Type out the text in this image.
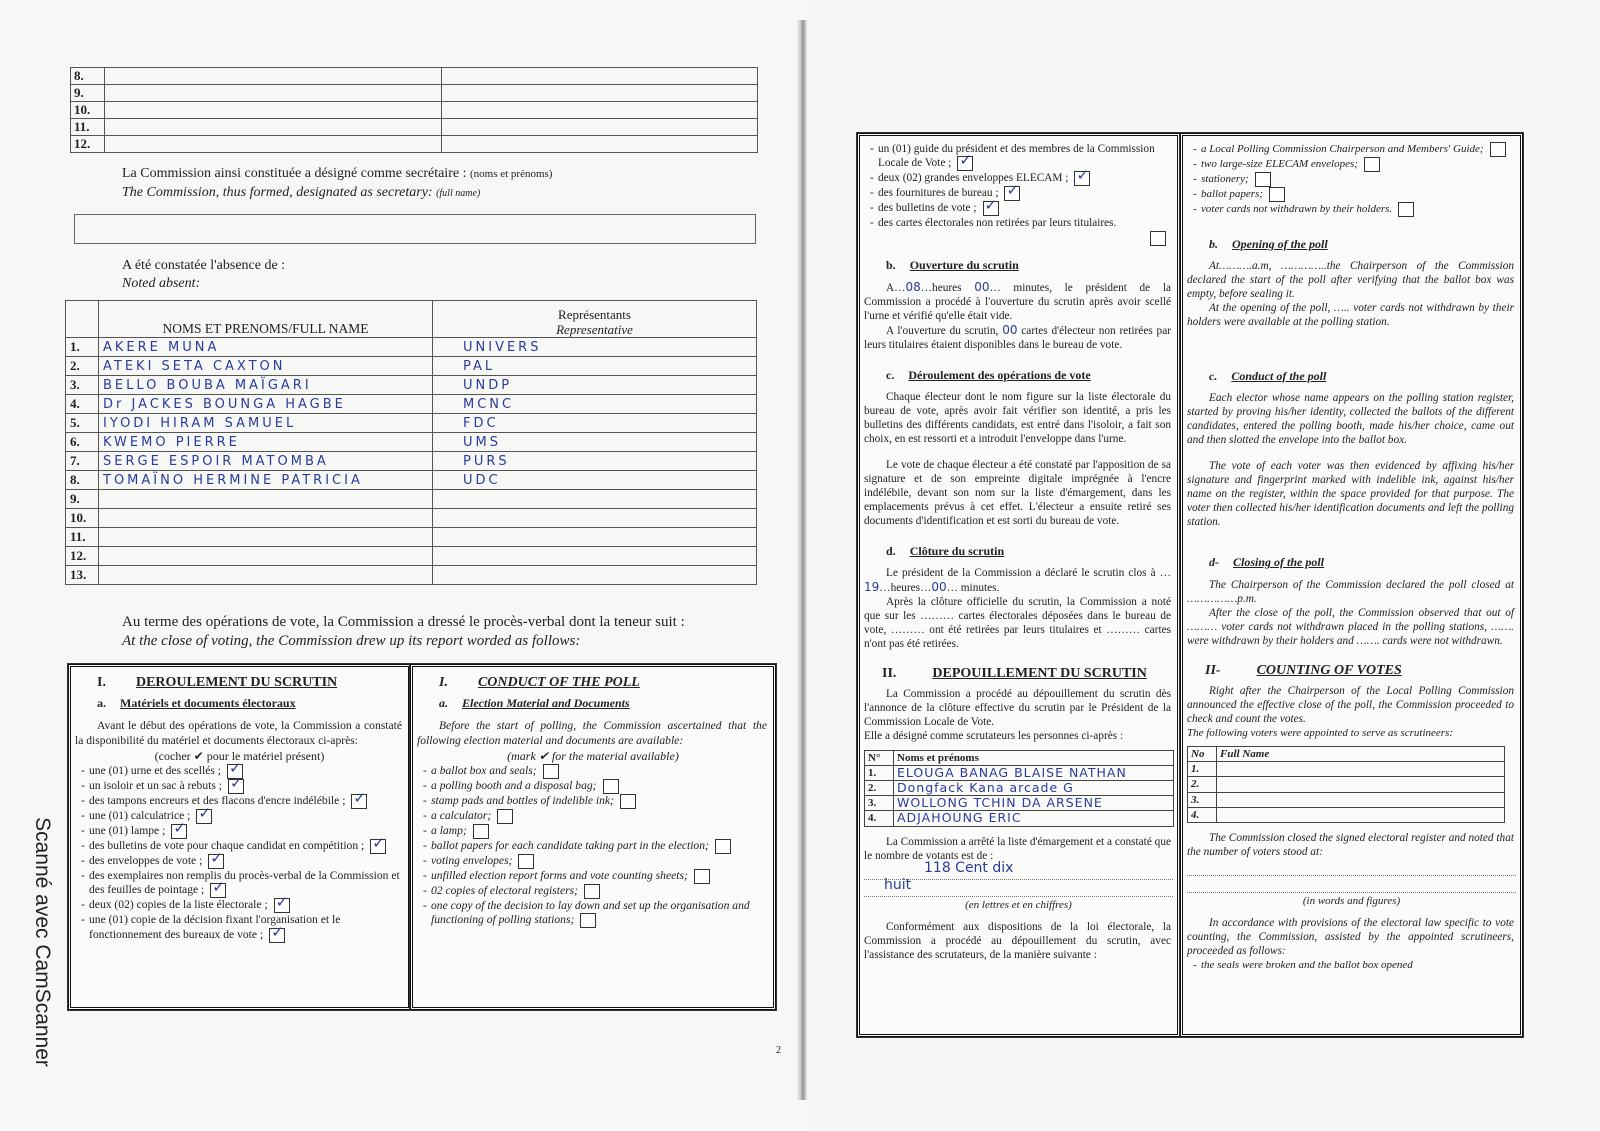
Scanné avec CamScanner
8.		
9.		
10.		
11.		
12.		
La Commission ainsi constituée a désigné comme secrétaire : (noms et prénoms)
The Commission, thus formed, designated as secretary: (full name)
A été constatée l'absence de :
Noted absent:
	NOMS ET PRENOMS/FULL NAME	Représentants
Representative

1.	AKERE MUNA	UNIVERS
2.	ATEKI SETA CAXTON	PAL
3.	BELLO BOUBA MAÏGARI	UNDP
4.	Dr JACKES BOUNGA HAGBE	MCNC
5.	IYODI HIRAM SAMUEL	FDC
6.	KWEMO PIERRE	UMS
7.	SERGE ESPOIR MATOMBA	PURS
8.	TOMAÏNO HERMINE PATRICIA	UDC
9.		
10.		
11.		
12.		
13.		
Au terme des opérations de vote, la Commission a dressé le procès-verbal dont la teneur suit :
At the close of voting, the Commission drew up its report worded as follows:
I. DEROULEMENT DU SCRUTIN
a. Matériels et documents électoraux
Avant le début des opérations de vote, la Commission a constaté la disponibilité du matériel et documents électoraux ci-après:
(cocher ✔ pour le matériel présent)
- une (01) urne et des scellés ;✓
- un isoloir et un sac à rebuts ;✓
- des tampons encreurs et des flacons d'encre indélébile ;✓
- une (01) calculatrice ;✓
- une (01) lampe ;✓
- des bulletins de vote pour chaque candidat en compétition ;✓
- des enveloppes de vote ;✓
- des exemplaires non remplis du procès-verbal de la Commission et des feuilles de pointage ;✓
- deux (02) copies de la liste électorale ;✓
- une (01) copie de la décision fixant l'organisation et le fonctionnement des bureaux de vote ;✓
I. CONDUCT OF THE POLL
a. Election Material and Documents
Before the start of polling, the Commission ascertained that the following election material and documents are available:
(mark ✔ for the material available)
- a ballot box and seals;
- a polling booth and a disposal bag;
- stamp pads and bottles of indelible ink;
- a calculator;
- a lamp;
- ballot papers for each candidate taking part in the election;
- voting envelopes;
- unfilled election report forms and vote counting sheets;
- 02 copies of electoral registers;
- one copy of the decision to lay down and set up the organisation and functioning of polling stations;
2
- un (01) guide du président et des membres de la Commission Locale de Vote ;✓
- deux (02) grandes enveloppes ELECAM ;✓
- des fournitures de bureau ;✓
- des bulletins de vote ;✓
- des cartes électorales non retirées par leurs titulaires.

b. Ouverture du scrutin
A…08…heures 00… minutes, le président de la Commission a procédé à l'ouverture du scrutin après avoir scellé l'urne et vérifié qu'elle était vide.
A l'ouverture du scrutin, 00 cartes d'électeur non retirées par leurs titulaires étaient disponibles dans le bureau de vote.
c. Déroulement des opérations de vote
Chaque électeur dont le nom figure sur la liste électorale du bureau de vote, après avoir fait vérifier son identité, a pris les bulletins des différents candidats, est entré dans l'isoloir, a fait son choix, en est ressorti et a introduit l'enveloppe dans l'urne.
Le vote de chaque électeur a été constaté par l'apposition de sa signature et de son empreinte digitale imprégnée à l'encre indélébile, devant son nom sur la liste d'émargement, dans les emplacements prévus à cet effet. L'électeur a ensuite retiré ses documents d'identification et est sorti du bureau de vote.
d. Clôture du scrutin
Le président de la Commission a déclaré le scrutin clos à …19…heures…00… minutes.
Après la clôture officielle du scrutin, la Commission a noté que sur les ……… cartes électorales déposées dans le bureau de vote, ……… ont été retirées par leurs titulaires et ……… cartes n'ont pas été retirées.
II.	DEPOUILLEMENT DU SCRUTIN
La Commission a procédé au dépouillement du scrutin dès l'annonce de la clôture effective du scrutin par le Président de la Commission Locale de Vote.
Elle a désigné comme scrutateurs les personnes ci-après :
N°	Noms et prénoms
1.	ELOUGA BANAG BLAISE NATHAN
2.	Dongfack Kana arcade G
3.	WOLLONG TCHIN DA ARSENE
4.	ADJAHOUNG ERIC
La Commission a arrêté la liste d'émargement et a constaté que le nombre de votants est de :
118 Cent dix
huit
(en lettres et en chiffres)
Conformément aux dispositions de la loi électorale, la Commission a procédé au dépouillement du scrutin, avec l'assistance des scrutateurs, de la manière suivante :
- a Local Polling Commission Chairperson and Members' Guide;
- two large-size ELECAM envelopes;
- stationery;
- ballot papers;
- voter cards not withdrawn by their holders.
b. Opening of the poll
At……….a.m, …………..the Chairperson of the Commission declared the start of the poll after verifying that the ballot box was empty, before sealing it.
At the opening of the poll, ….. voter cards not withdrawn by their holders were available at the polling station.
c. Conduct of the poll
Each elector whose name appears on the polling station register, started by proving his/her identity, collected the ballots of the different candidates, entered the polling booth, made his/her choice, came out and then slotted the envelope into the ballot box.
The vote of each voter was then evidenced by affixing his/her signature and fingerprint marked with indelible ink, against his/her name on the register, within the space provided for that purpose. The voter then collected his/her identification documents and left the polling station.
d- Closing of the poll
The Chairperson of the Commission declared the poll closed at ……………p.m.
After the close of the poll, the Commission observed that out of ……… voter cards not withdrawn placed in the polling stations, ……. were withdrawn by their holders and ……. cards were not withdrawn.
II-	COUNTING OF VOTES
Right after the Chairperson of the Local Polling Commission announced the effective close of the poll, the Commission proceeded to check and count the votes.
The following voters were appointed to serve as scrutineers:
No	Full Name
1.	
2.	
3.	
4.	
The Commission closed the signed electoral register and noted that the number of voters stood at:
(in words and figures)
In accordance with provisions of the electoral law specific to vote counting, the Commission, assisted by the appointed scrutineers, proceeded as follows:
- the seals were broken and the ballot box opened
